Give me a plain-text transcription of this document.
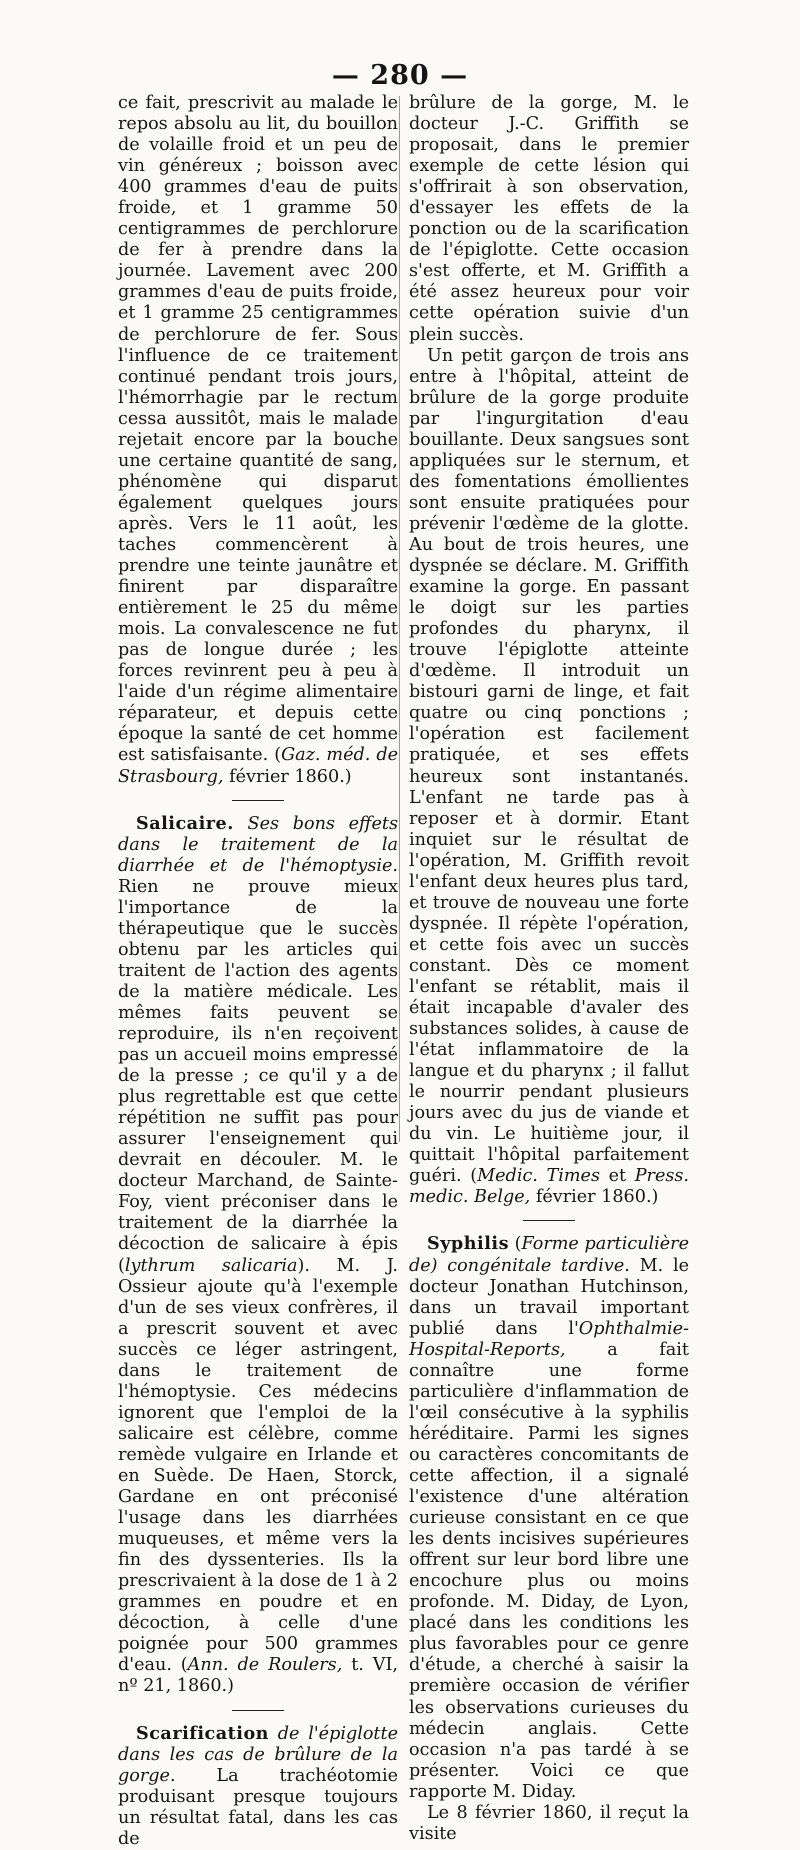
— 280 —

ce fait, prescrivit au malade le repos absolu au lit, du bouillon de volaille froid et un peu de vin généreux ; boisson avec 400 grammes d'eau de puits froide, et 1 gramme 50 centigrammes de perchlorure de fer à prendre dans la journée. Lavement avec 200 grammes d'eau de puits froide, et 1 gramme 25 centigrammes de perchlorure de fer. Sous l'influence de ce traitement continué pendant trois jours, l'hémorrhagie par le rectum cessa aussitôt, mais le malade rejetait encore par la bouche une certaine quantité de sang, phénomène qui disparut également quelques jours après. Vers le 11 août, les taches commencèrent à prendre une teinte jaunâtre et finirent par disparaître entièrement le 25 du même mois. La convalescence ne fut pas de longue durée ; les forces revinrent peu à peu à l'aide d'un régime alimentaire réparateur, et depuis cette époque la santé de cet homme est satisfaisante. (Gaz. méd. de Strasbourg, février 1860.)

Salicaire. Ses bons effets dans le traitement de la diarrhée et de l'hémoptysie. Rien ne prouve mieux l'importance de la thérapeutique que le succès obtenu par les articles qui traitent de l'action des agents de la matière médicale. Les mêmes faits peuvent se reproduire, ils n'en reçoivent pas un accueil moins empressé de la presse ; ce qu'il y a de plus regrettable est que cette répétition ne suffit pas pour assurer l'enseignement qui devrait en découler. M. le docteur Marchand, de Sainte-Foy, vient préconiser dans le traitement de la diarrhée la décoction de salicaire à épis (lythrum salicaria). M. J. Ossieur ajoute qu'à l'exemple d'un de ses vieux confrères, il a prescrit souvent et avec succès ce léger astringent, dans le traitement de l'hémoptysie. Ces médecins ignorent que l'emploi de la salicaire est célèbre, comme remède vulgaire en Irlande et en Suède. De Haen, Storck, Gardane en ont préconisé l'usage dans les diarrhées muqueuses, et même vers la fin des dyssenteries. Ils la prescrivaient à la dose de 1 à 2 grammes en poudre et en décoction, à celle d'une poignée pour 500 grammes d'eau. (Ann. de Roulers, t. VI, nº 21, 1860.)

Scarification de l'épiglotte dans les cas de brûlure de la gorge. La trachéotomie produisant presque toujours un résultat fatal, dans les cas de

brûlure de la gorge, M. le docteur J.-C. Griffith se proposait, dans le premier exemple de cette lésion qui s'offrirait à son observation, d'essayer les effets de la ponction ou de la scarification de l'épiglotte. Cette occasion s'est offerte, et M. Griffith a été assez heureux pour voir cette opération suivie d'un plein succès.

Un petit garçon de trois ans entre à l'hôpital, atteint de brûlure de la gorge produite par l'ingurgitation d'eau bouillante. Deux sangsues sont appliquées sur le sternum, et des fomentations émollientes sont ensuite pratiquées pour prévenir l'œdème de la glotte. Au bout de trois heures, une dyspnée se déclare. M. Griffith examine la gorge. En passant le doigt sur les parties profondes du pharynx, il trouve l'épiglotte atteinte d'œdème. Il introduit un bistouri garni de linge, et fait quatre ou cinq ponctions ; l'opération est facilement pratiquée, et ses effets heureux sont instantanés. L'enfant ne tarde pas à reposer et à dormir. Etant inquiet sur le résultat de l'opération, M. Griffith revoit l'enfant deux heures plus tard, et trouve de nouveau une forte dyspnée. Il répète l'opération, et cette fois avec un succès constant. Dès ce moment l'enfant se rétablit, mais il était incapable d'avaler des substances solides, à cause de l'état inflammatoire de la langue et du pharynx ; il fallut le nourrir pendant plusieurs jours avec du jus de viande et du vin. Le huitième jour, il quittait l'hôpital parfaitement guéri. (Medic. Times et Press. medic. Belge, février 1860.)

Syphilis (Forme particulière de) congénitale tardive. M. le docteur Jonathan Hutchinson, dans un travail important publié dans l'Ophthalmie-Hospital-Reports, a fait connaître une forme particulière d'inflammation de l'œil consécutive à la syphilis héréditaire. Parmi les signes ou caractères concomitants de cette affection, il a signalé l'existence d'une altération curieuse consistant en ce que les dents incisives supérieures offrent sur leur bord libre une encochure plus ou moins profonde. M. Diday, de Lyon, placé dans les conditions les plus favorables pour ce genre d'étude, a cherché à saisir la première occasion de vérifier les observations curieuses du médecin anglais. Cette occasion n'a pas tardé à se présenter. Voici ce que rapporte M. Diday.

Le 8 février 1860, il reçut la visite
